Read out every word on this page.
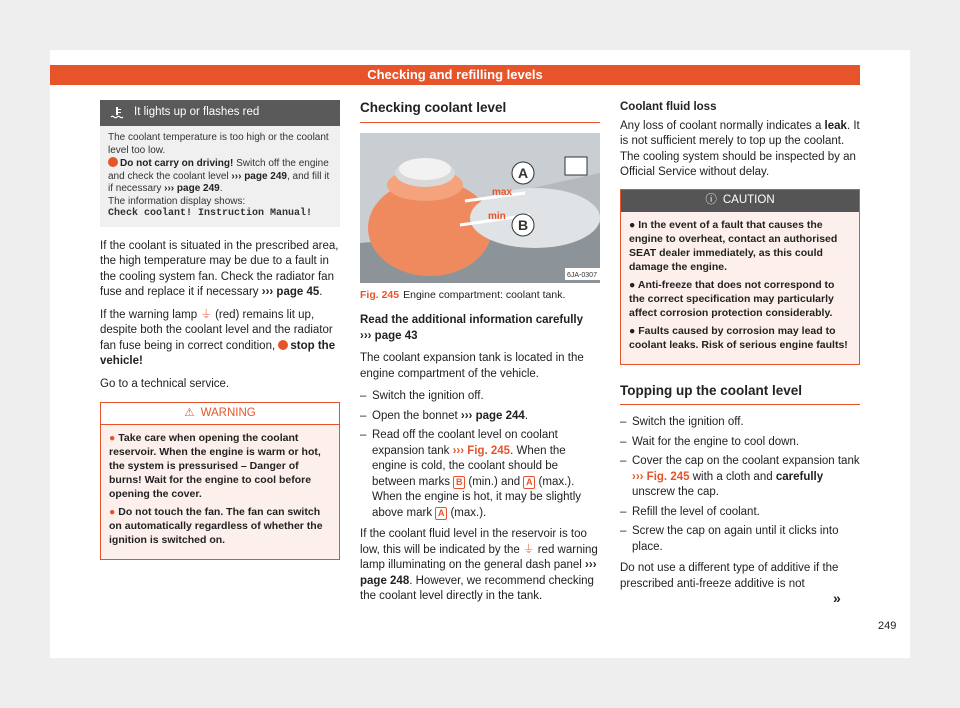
Checking and refilling levels
It lights up or flashes red
The coolant temperature is too high or the coolant level too low.
Do not carry on driving! Switch off the engine and check the coolant level ››› page 249, and fill it if necessary ››› page 249.
The information display shows:
Check coolant! Instruction Manual!

If the coolant is situated in the prescribed area, the high temperature may be due to a fault in the cooling system fan. Check the radiator fan fuse and replace it if necessary ››› page 45.

If the warning lamp ⏚ (red) remains lit up, despite both the coolant level and the radiator fan fuse being in correct condition, stop the vehicle!

Go to a technical service.

⚠ WARNING
● Take care when opening the coolant reservoir. When the engine is warm or hot, the system is pressurised – Danger of burns! Wait for the engine to cool before opening the cover.
● Do not touch the fan. The fan can switch on automatically regardless of whether the ignition is switched on.
Checking coolant level
A
B
max
min
6JA-0307
Fig. 245 Engine compartment: coolant tank.

Read the additional information carefully
››› page 43

The coolant expansion tank is located in the engine compartment of the vehicle.

– Switch the ignition off.
– Open the bonnet ››› page 244.
– Read off the coolant level on coolant expansion tank ››› Fig. 245. When the engine is cold, the coolant should be between marks B (min.) and A (max.). When the engine is hot, it may be slightly above mark A (max.).

If the coolant fluid level in the reservoir is too low, this will be indicated by the ⏚ red warning lamp illuminating on the general dash panel ››› page 248. However, we recommend checking the coolant level directly in the tank.

Coolant fluid loss

Any loss of coolant normally indicates a leak. It is not sufficient merely to top up the coolant. The cooling system should be inspected by an Official Service without delay.

ⓘ CAUTION
● In the event of a fault that causes the engine to overheat, contact an authorised SEAT dealer immediately, as this could damage the engine.
● Anti-freeze that does not correspond to the correct specification may particularly affect corrosion protection considerably.
● Faults caused by corrosion may lead to coolant leaks. Risk of serious engine faults!
Topping up the coolant level
– Switch the ignition off.
– Wait for the engine to cool down.
– Cover the cap on the coolant expansion tank ››› Fig. 245 with a cloth and carefully unscrew the cap.
– Refill the level of coolant.
– Screw the cap on again until it clicks into place.

Do not use a different type of additive if the prescribed anti-freeze additive is not

»
249
